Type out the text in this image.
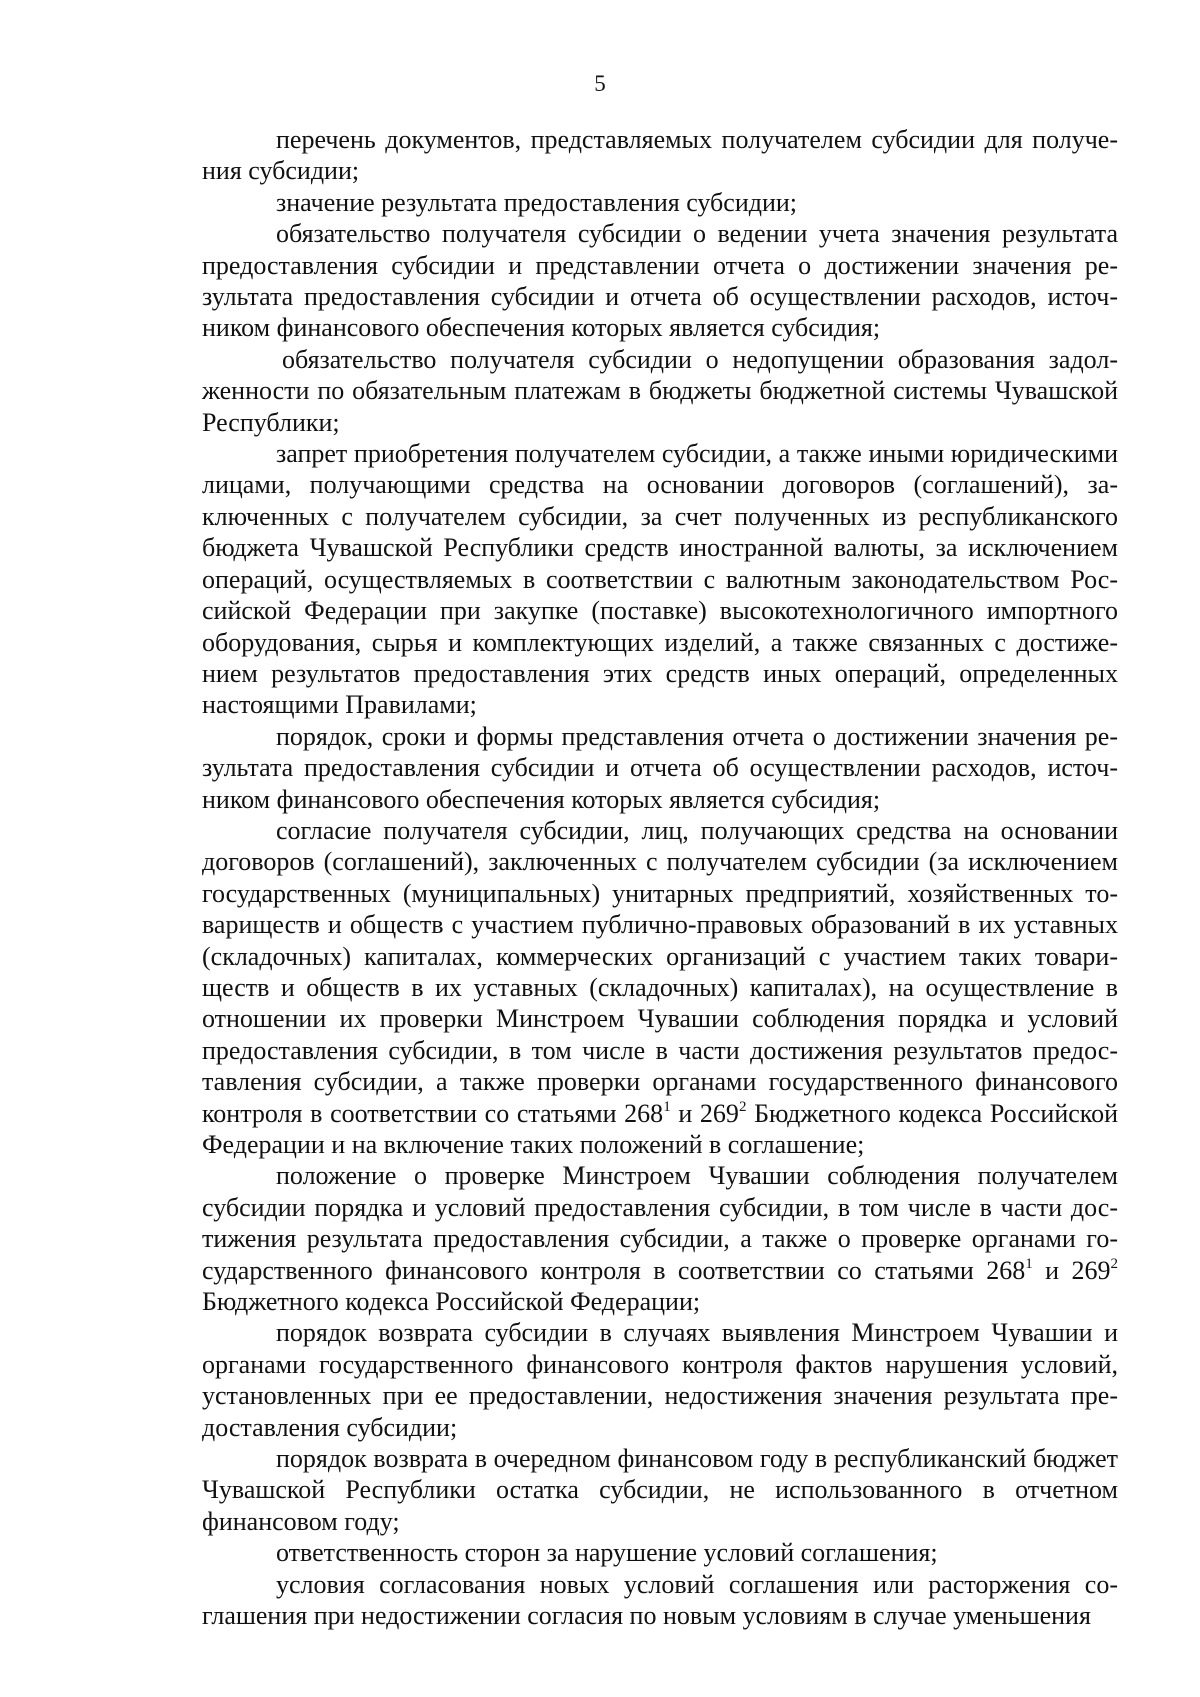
5

перечень документов, представляемых получателем субсидии для получения субсидии;

значение результата предоставления субсидии;

обязательство получателя субсидии о ведении учета значения результата предоставления субсидии и представлении отчета о достижении значения результата предоставления субсидии и отчета об осуществлении расходов, источником финансового обеспечения которых является субсидия;

обязательство получателя субсидии о недопущении образования задолженности по обязательным платежам в бюджеты бюджетной системы Чувашской Республики;

запрет приобретения получателем субсидии, а также иными юридическими лицами, получающими средства на основании договоров (соглашений), заключенных с получателем субсидии, за счет полученных из республиканского бюджета Чувашской Республики средств иностранной валюты, за исключением операций, осуществляемых в соответствии с валютным законодательством Российской Федерации при закупке (поставке) высокотехнологичного импортного оборудования, сырья и комплектующих изделий, а также связанных с достижением результатов предоставления этих средств иных операций, определенных настоящими Правилами;

порядок, сроки и формы представления отчета о достижении значения результата предоставления субсидии и отчета об осуществлении расходов, источником финансового обеспечения которых является субсидия;

согласие получателя субсидии, лиц, получающих средства на основании договоров (соглашений), заключенных с получателем субсидии (за исключением государственных (муниципальных) унитарных предприятий, хозяйственных товариществ и обществ с участием публично-правовых образований в их уставных (складочных) капиталах, коммерческих организаций с участием таких товариществ и обществ в их уставных (складочных) капиталах), на осуществление в отношении их проверки Минстроем Чувашии соблюдения порядка и условий предоставления субсидии, в том числе в части достижения результатов предоставления субсидии, а также проверки органами государственного финансового контроля в соответствии со статьями $268^1$ и $269^2$ Бюджетного кодекса Российской Федерации и на включение таких положений в соглашение;

положение о проверке Минстроем Чувашии соблюдения получателем субсидии порядка и условий предоставления субсидии, в том числе в части достижения результата предоставления субсидии, а также о проверке органами государственного финансового контроля в соответствии со статьями $268^1$ и $269^2$ Бюджетного кодекса Российской Федерации;

порядок возврата субсидии в случаях выявления Минстроем Чувашии и органами государственного финансового контроля фактов нарушения условий, установленных при ее предоставлении, недостижения значения результата предоставления субсидии;

порядок возврата в очередном финансовом году в республиканский бюджет Чувашской Республики остатка субсидии, не использованного в отчетном финансовом году;

ответственность сторон за нарушение условий соглашения;

условия согласования новых условий соглашения или расторжения соглашения при недостижении согласия по новым условиям в случае уменьшения
